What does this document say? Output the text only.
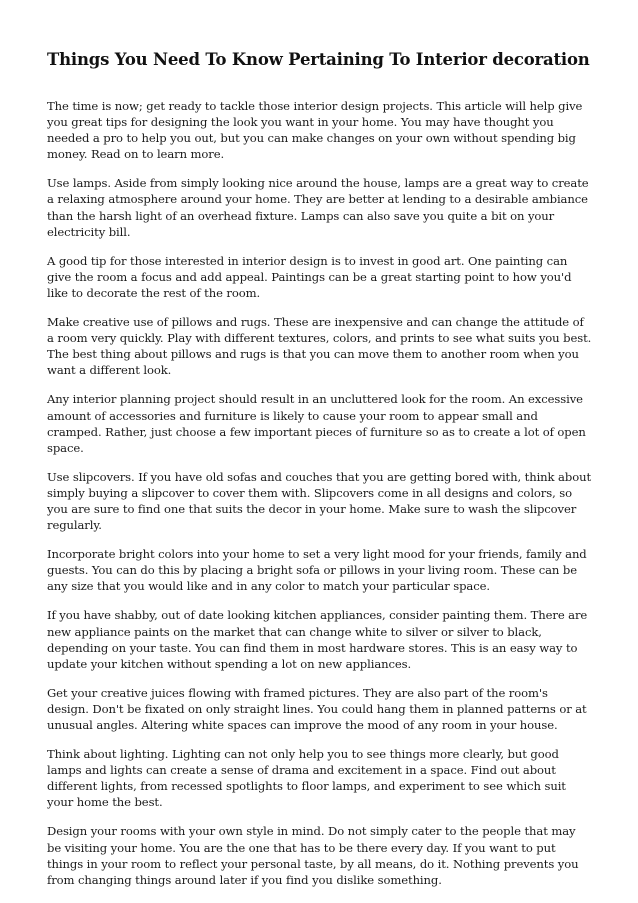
Things You Need To Know Pertaining To Interior decoration

The time is now; get ready to tackle those interior design projects. This article will help give you great tips for designing the look you want in your home. You may have thought you needed a pro to help you out, but you can make changes on your own without spending big money. Read on to learn more.

Use lamps. Aside from simply looking nice around the house, lamps are a great way to create a relaxing atmosphere around your home. They are better at lending to a desirable ambiance than the harsh light of an overhead fixture. Lamps can also save you quite a bit on your electricity bill.

A good tip for those interested in interior design is to invest in good art. One painting can give the room a focus and add appeal. Paintings can be a great starting point to how you'd like to decorate the rest of the room.

Make creative use of pillows and rugs. These are inexpensive and can change the attitude of a room very quickly. Play with different textures, colors, and prints to see what suits you best. The best thing about pillows and rugs is that you can move them to another room when you want a different look.

Any interior planning project should result in an uncluttered look for the room. An excessive amount of accessories and furniture is likely to cause your room to appear small and cramped. Rather, just choose a few important pieces of furniture so as to create a lot of open space.

Use slipcovers. If you have old sofas and couches that you are getting bored with, think about simply buying a slipcover to cover them with. Slipcovers come in all designs and colors, so you are sure to find one that suits the decor in your home. Make sure to wash the slipcover regularly.

Incorporate bright colors into your home to set a very light mood for your friends, family and guests. You can do this by placing a bright sofa or pillows in your living room. These can be any size that you would like and in any color to match your particular space.

If you have shabby, out of date looking kitchen appliances, consider painting them. There are new appliance paints on the market that can change white to silver or silver to black, depending on your taste. You can find them in most hardware stores. This is an easy way to update your kitchen without spending a lot on new appliances.

Get your creative juices flowing with framed pictures. They are also part of the room's design. Don't be fixated on only straight lines. You could hang them in planned patterns or at unusual angles. Altering white spaces can improve the mood of any room in your house.

Think about lighting. Lighting can not only help you to see things more clearly, but good lamps and lights can create a sense of drama and excitement in a space. Find out about different lights, from recessed spotlights to floor lamps, and experiment to see which suit your home the best.

Design your rooms with your own style in mind. Do not simply cater to the people that may be visiting your home. You are the one that has to be there every day. If you want to put things in your room to reflect your personal taste, by all means, do it. Nothing prevents you from changing things around later if you find you dislike something.
